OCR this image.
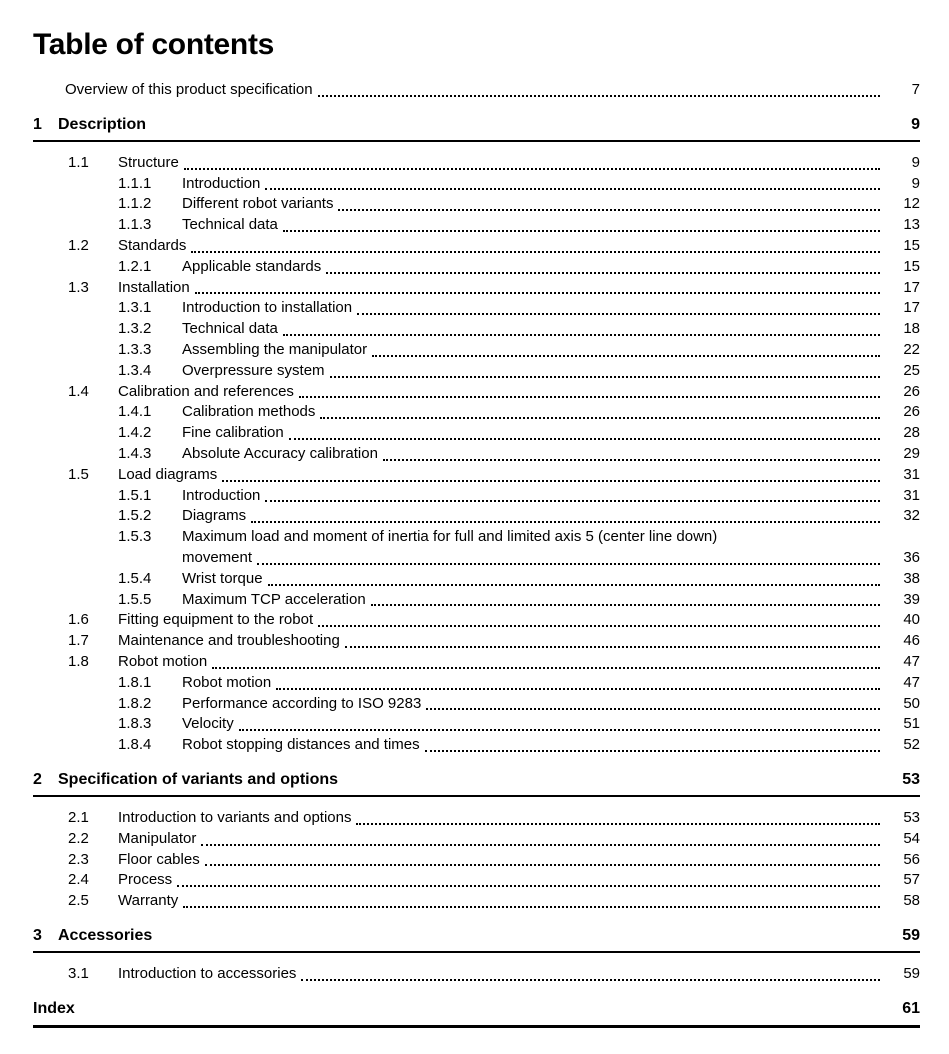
Table of contents
Overview of this product specification	7
1	Description	9
1.1	Structure	9
1.1.1	Introduction	9
1.1.2	Different robot variants	12
1.1.3	Technical data	13
1.2	Standards	15
1.2.1	Applicable standards	15
1.3	Installation	17
1.3.1	Introduction to installation	17
1.3.2	Technical data	18
1.3.3	Assembling the manipulator	22
1.3.4	Overpressure system	25
1.4	Calibration and references	26
1.4.1	Calibration methods	26
1.4.2	Fine calibration	28
1.4.3	Absolute Accuracy calibration	29
1.5	Load diagrams	31
1.5.1	Introduction	31
1.5.2	Diagrams	32
1.5.3	Maximum load and moment of inertia for full and limited axis 5 (center line down)
movement	36
1.5.4	Wrist torque	38
1.5.5	Maximum TCP acceleration	39
1.6	Fitting equipment to the robot	40
1.7	Maintenance and troubleshooting	46
1.8	Robot motion	47
1.8.1	Robot motion	47
1.8.2	Performance according to ISO 9283	50
1.8.3	Velocity	51
1.8.4	Robot stopping distances and times	52
2	Specification of variants and options	53
2.1	Introduction to variants and options	53
2.2	Manipulator	54
2.3	Floor cables	56
2.4	Process	57
2.5	Warranty	58
3	Accessories	59
3.1	Introduction to accessories	59
Index	61
